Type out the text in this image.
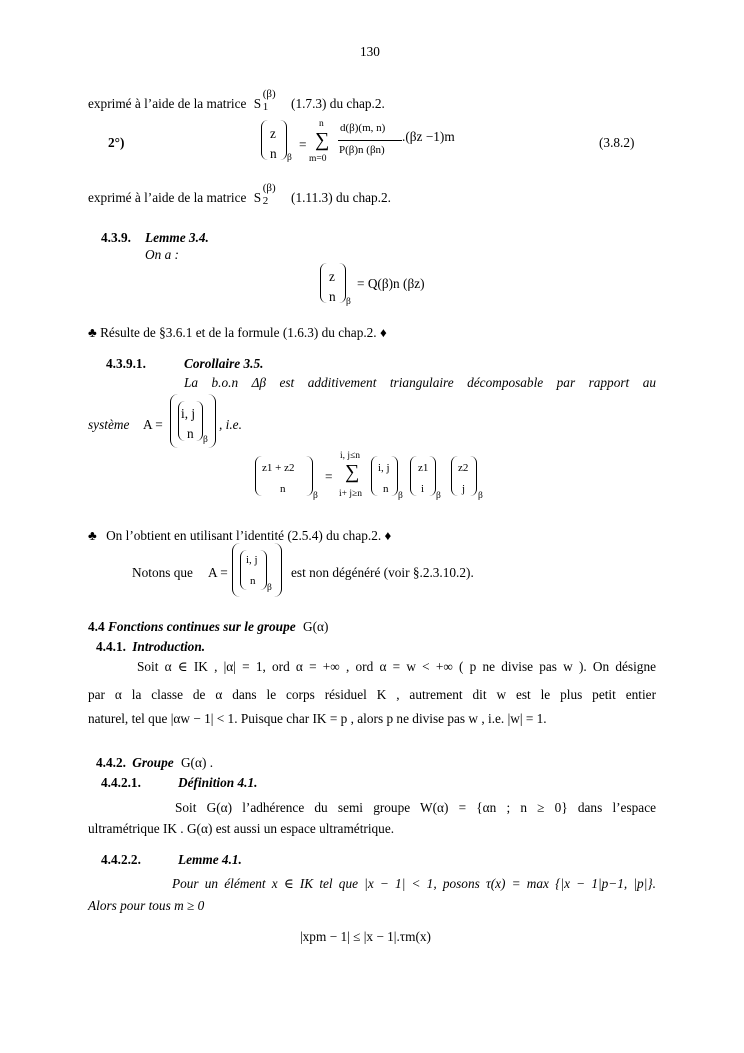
130
exprimé à l’aide de la matrice S
(β)
1 (1.7.3) du chap.2.
2°)
z
n β
=
n
∑
m=0
d(β)(m, n)
P(β)n (βn)
.(βz −1)m	(3.8.2)
exprimé à l’aide de la matrice S
(β)
2 (1.11.3) du chap.2.
4.3.9. Lemme 3.4.
On a :
z
n β
= Q(β)n (βz)
♣ Résulte de §3.6.1 et de la formule (1.6.3) du chap.2. ♦
4.3.9.1.	Corollaire 3.5.
La b.o.n Δβ est additivement triangulaire décomposable par rapport au
système A =
i, j
n β
, i.e.
z1 + z2
n
β
=
i, j≤n
∑
i+ j≥n
i, j
n
β
z1
i
β
z2
j
β
♣ On l’obtient en utilisant l’identité (2.5.4) du chap.2. ♦
Notons que A =
i, j
n
β
est non dégénéré (voir §.2.3.10.2).
4.4 Fonctions continues sur le groupe G(α)
4.4.1. Introduction.
Soit α ∈ IK , |α| = 1, ord α = +∞ , ord α = w < +∞ ( p ne divise pas w ). On désigne
par α la classe de α dans le corps résiduel K , autrement dit w est le plus petit entier
naturel, tel que |αw − 1| < 1. Puisque char IK = p , alors p ne divise pas w , i.e. |w| = 1.
4.4.2. Groupe G(α) .
4.4.2.1.	Définition 4.1.
Soit G(α) l’adhérence du semi groupe W(α) = {αn ; n ≥ 0} dans l’espace
ultramétrique IK . G(α) est aussi un espace ultramétrique.
4.4.2.2.	Lemme 4.1.
Pour un élément x ∈ IK tel que |x − 1| < 1, posons τ(x) = max {|x − 1|p−1, |p|}.
Alors pour tous m ≥ 0
|xpm − 1| ≤ |x − 1|.τm(x)
